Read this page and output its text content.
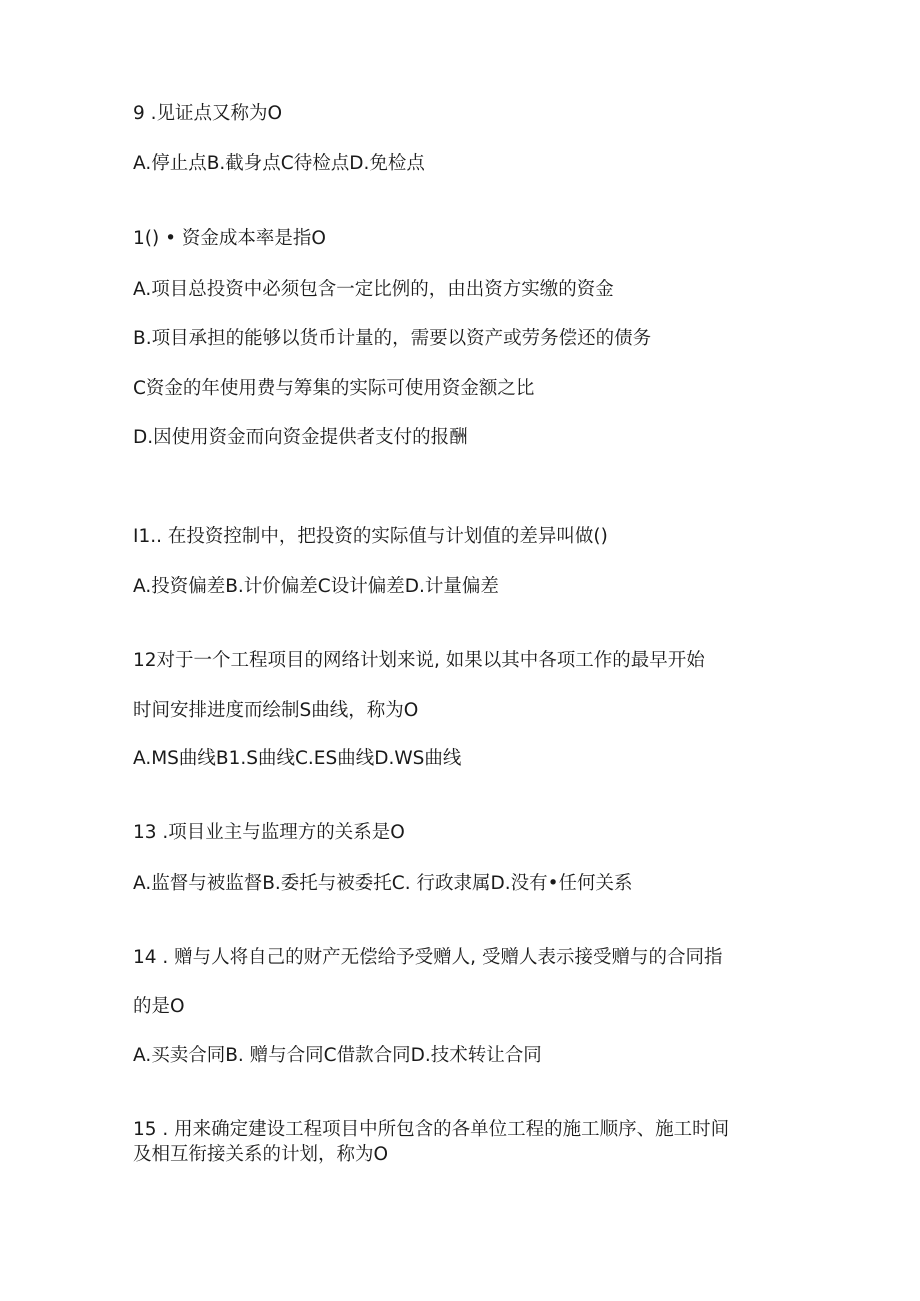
9 .见证点又称为O

A.停止点B.截身点C待检点D.免检点

1() • 资金成本率是指O

A.项目总投资中必须包含一定比例的，由出资方实缴的资金

B.项目承担的能够以货币计量的，需要以资产或劳务偿还的债务

C资金的年使用费与筹集的实际可使用资金额之比

D.因使用资金而向资金提供者支付的报酬

I1.. 在投资控制中，把投资的实际值与计划值的差异叫做()

A.投资偏差B.计价偏差C设计偏差D.计量偏差

12对于一个工程项目的网络计划来说, 如果以其中各项工作的最早开始

时间安排进度而绘制S曲线，称为O

A.MS曲线B1.S曲线C.ES曲线D.WS曲线

13 .项目业主与监理方的关系是O

A.监督与被监督B.委托与被委托C. 行政隶属D.没有•任何关系

14 . 赠与人将自己的财产无偿给予受赠人, 受赠人表示接受赠与的合同指

的是O

A.买卖合同B. 赠与合同C借款合同D.技术转让合同

15 . 用来确定建设工程项目中所包含的各单位工程的施工顺序、施工时间

及相互衔接关系的计划，称为O
